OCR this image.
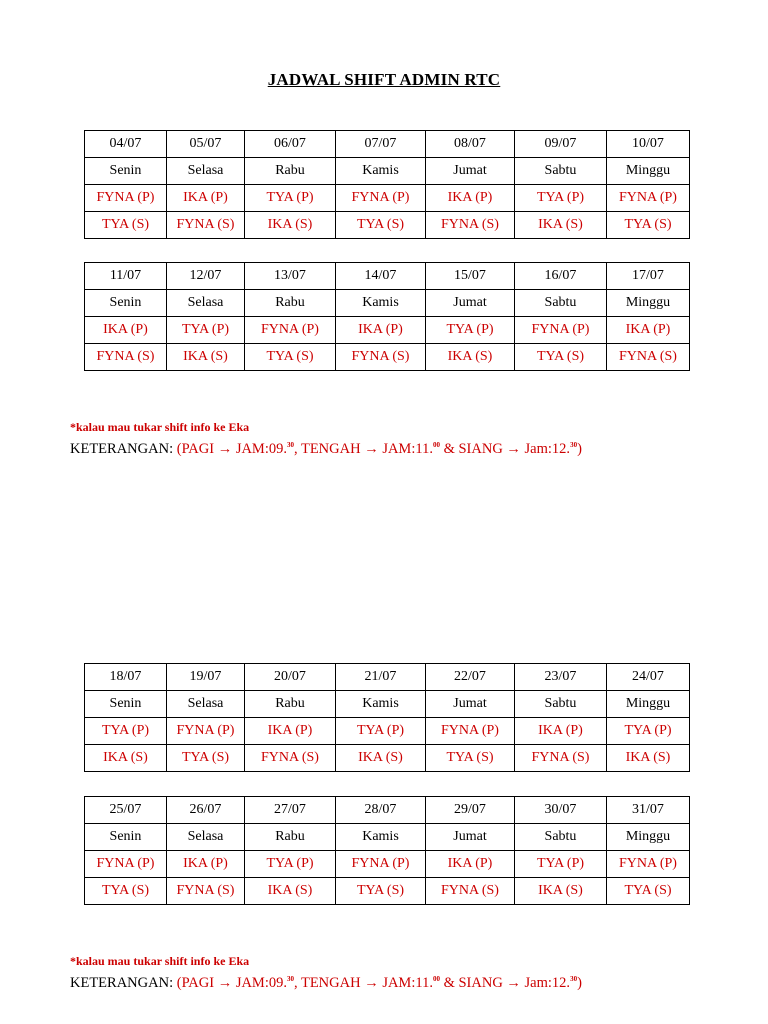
JADWAL SHIFT ADMIN RTC
04/07	05/07	06/07	07/07	08/07	09/07	10/07
Senin	Selasa	Rabu	Kamis	Jumat	Sabtu	Minggu
FYNA (P)	IKA (P)	TYA (P)	FYNA (P)	IKA (P)	TYA (P)	FYNA (P)
TYA (S)	FYNA (S)	IKA (S)	TYA (S)	FYNA (S)	IKA (S)	TYA (S)
11/07	12/07	13/07	14/07	15/07	16/07	17/07
Senin	Selasa	Rabu	Kamis	Jumat	Sabtu	Minggu
IKA (P)	TYA (P)	FYNA (P)	IKA (P)	TYA (P)	FYNA (P)	IKA (P)
FYNA (S)	IKA (S)	TYA (S)	FYNA (S)	IKA (S)	TYA (S)	FYNA (S)
*kalau mau tukar shift info ke Eka
KETERANGAN: (PAGI → JAM:09.30, TENGAH → JAM:11.00 & SIANG → Jam:12.30)
18/07	19/07	20/07	21/07	22/07	23/07	24/07
Senin	Selasa	Rabu	Kamis	Jumat	Sabtu	Minggu
TYA (P)	FYNA (P)	IKA (P)	TYA (P)	FYNA (P)	IKA (P)	TYA (P)
IKA (S)	TYA (S)	FYNA (S)	IKA (S)	TYA (S)	FYNA (S)	IKA (S)
25/07	26/07	27/07	28/07	29/07	30/07	31/07
Senin	Selasa	Rabu	Kamis	Jumat	Sabtu	Minggu
FYNA (P)	IKA (P)	TYA (P)	FYNA (P)	IKA (P)	TYA (P)	FYNA (P)
TYA (S)	FYNA (S)	IKA (S)	TYA (S)	FYNA (S)	IKA (S)	TYA (S)
*kalau mau tukar shift info ke Eka
KETERANGAN: (PAGI → JAM:09.30, TENGAH → JAM:11.00 & SIANG → Jam:12.30)
